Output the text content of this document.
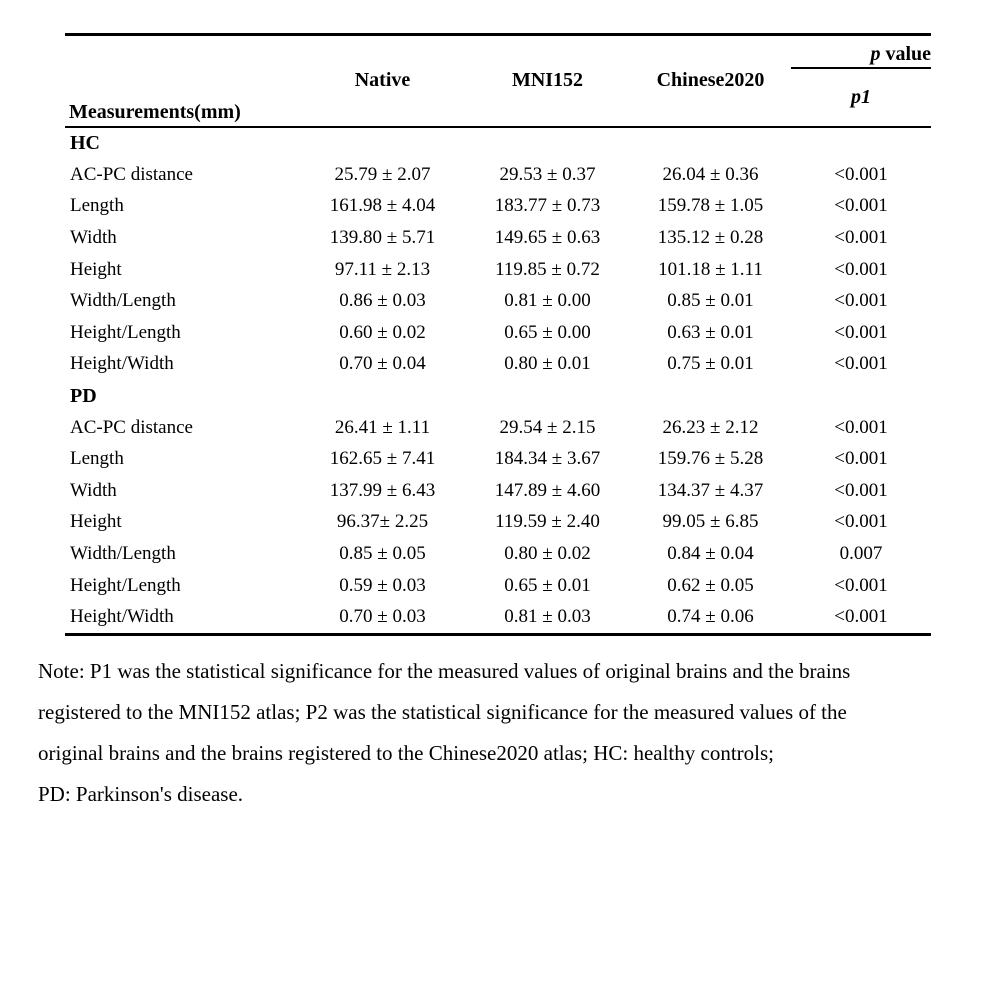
Measurements(mm)	Native	MNI152	Chinese2020	p value
				p1
HC				
AC-PC distance	25.79 ± 2.07	29.53 ± 0.37	26.04 ± 0.36	<0.001
Length	161.98 ± 4.04	183.77 ± 0.73	159.78 ± 1.05	<0.001
Width	139.80 ± 5.71	149.65 ± 0.63	135.12 ± 0.28	<0.001
Height	97.11 ± 2.13	119.85 ± 0.72	101.18 ± 1.11	<0.001
Width/Length	0.86 ± 0.03	0.81 ± 0.00	0.85 ± 0.01	<0.001
Height/Length	0.60 ± 0.02	0.65 ± 0.00	0.63 ± 0.01	<0.001
Height/Width	0.70 ± 0.04	0.80 ± 0.01	0.75 ± 0.01	<0.001
PD				
AC-PC distance	26.41 ± 1.11	29.54 ± 2.15	26.23 ± 2.12	<0.001
Length	162.65 ± 7.41	184.34 ± 3.67	159.76 ± 5.28	<0.001
Width	137.99 ± 6.43	147.89 ± 4.60	134.37 ± 4.37	<0.001
Height	96.37± 2.25	119.59 ± 2.40	99.05 ± 6.85	<0.001
Width/Length	0.85 ± 0.05	0.80 ± 0.02	0.84 ± 0.04	0.007
Height/Length	0.59 ± 0.03	0.65 ± 0.01	0.62 ± 0.05	<0.001
Height/Width	0.70 ± 0.03	0.81 ± 0.03	0.74 ± 0.06	<0.001
Note: P1 was the statistical significance for the measured values of original brains and the brains
registered to the MNI152 atlas; P2 was the statistical significance for the measured values of the
original brains and the brains registered to the Chinese2020 atlas; HC: healthy controls;
PD: Parkinson's disease.
